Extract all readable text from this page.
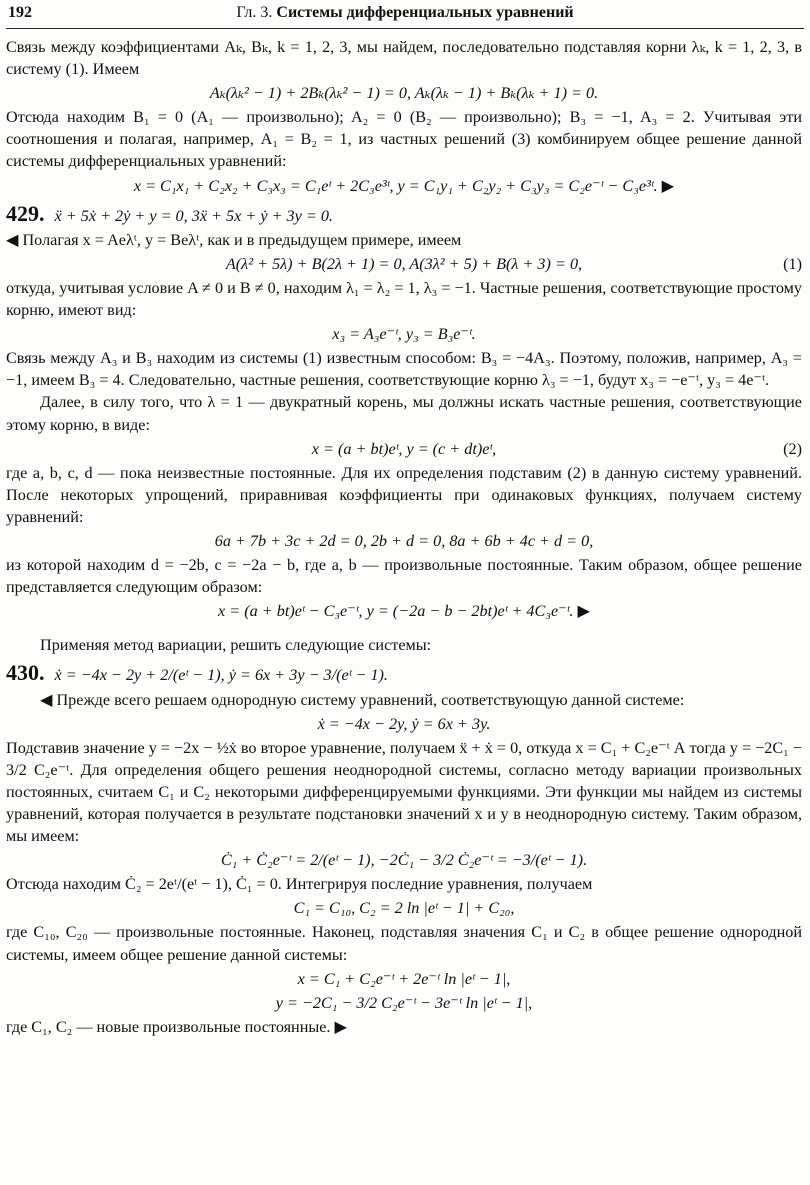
192	Гл. 3. Системы дифференциальных уравнений

Связь между коэффициентами Aₖ, Bₖ, k = 1, 2, 3, мы найдем, последовательно подставляя корни λₖ, k = 1, 2, 3, в систему (1). Имеем

Aₖ(λₖ² − 1) + 2Bₖ(λₖ² − 1) = 0, Aₖ(λₖ − 1) + Bₖ(λₖ + 1) = 0.

Отсюда находим B₁ = 0 (A₁ — произвольно); A₂ = 0 (B₂ — произвольно); B₃ = −1, A₃ = 2. Учитывая эти соотношения и полагая, например, A₁ = B₂ = 1, из частных решений (3) комбинируем общее решение данной системы дифференциальных уравнений:

x = C₁x₁ + C₂x₂ + C₃x₃ = C₁eᵗ + 2C₃e³ᵗ, y = C₁y₁ + C₂y₂ + C₃y₃ = C₂e⁻ᵗ − C₃e³ᵗ. ▶
429. ẍ + 5ẋ + 2ẏ + y = 0, 3ẍ + 5x + ẏ + 3y = 0.

◀ Полагая x = Aeλᵗ, y = Beλᵗ, как и в предыдущем примере, имеем

A(λ² + 5λ) + B(2λ + 1) = 0, A(3λ² + 5) + B(λ + 3) = 0,	(1)

откуда, учитывая условие A ≠ 0 и B ≠ 0, находим λ₁ = λ₂ = 1, λ₃ = −1. Частные решения, соответствующие простому корню, имеют вид:

x₃ = A₃e⁻ᵗ, y₃ = B₃e⁻ᵗ.

Связь между A₃ и B₃ находим из системы (1) известным способом: B₃ = −4A₃. Поэтому, положив, например, A₃ = −1, имеем B₃ = 4. Следовательно, частные решения, соответствующие корню λ₃ = −1, будут x₃ = −e⁻ᵗ, y₃ = 4e⁻ᵗ.

Далее, в силу того, что λ = 1 — двукратный корень, мы должны искать частные решения, соответствующие этому корню, в виде:

x = (a + bt)eᵗ, y = (c + dt)eᵗ,	(2)

где a, b, c, d — пока неизвестные постоянные. Для их определения подставим (2) в данную систему уравнений. После некоторых упрощений, приравнивая коэффициенты при одинаковых функциях, получаем систему уравнений:

6a + 7b + 3c + 2d = 0, 2b + d = 0, 8a + 6b + 4c + d = 0,

из которой находим d = −2b, c = −2a − b, где a, b — произвольные постоянные. Таким образом, общее решение представляется следующим образом:

x = (a + bt)eᵗ − C₃e⁻ᵗ, y = (−2a − b − 2bt)eᵗ + 4C₃e⁻ᵗ. ▶

Применяя метод вариации, решить следующие системы:

430. ẋ = −4x − 2y + 2/(eᵗ − 1), ẏ = 6x + 3y − 3/(eᵗ − 1).

◀ Прежде всего решаем однородную систему уравнений, соответствующую данной системе:

ẋ = −4x − 2y, ẏ = 6x + 3y.

Подставив значение y = −2x − ½ẋ во второе уравнение, получаем ẍ + ẋ = 0, откуда x = C₁ + C₂e⁻ᵗ А тогда y = −2C₁ − 3/2 C₂e⁻ᵗ. Для определения общего решения неоднородной системы, согласно методу вариации произвольных постоянных, считаем C₁ и C₂ некоторыми дифференцируемыми функциями. Эти функции мы найдем из системы уравнений, которая получается в результате подстановки значений x и y в неоднородную систему. Таким образом, мы имеем:

Ċ₁ + Ċ₂e⁻ᵗ = 2/(eᵗ − 1), −2Ċ₁ − 3/2 Ċ₂e⁻ᵗ = −3/(eᵗ − 1).

Отсюда находим Ċ₂ = 2eᵗ/(eᵗ − 1), Ċ₁ = 0. Интегрируя последние уравнения, получаем

C₁ = C₁₀, C₂ = 2 ln |eᵗ − 1| + C₂₀,

где C₁₀, C₂₀ — произвольные постоянные. Наконец, подставляя значения C₁ и C₂ в общее решение однородной системы, имеем общее решение данной системы:

x = C₁ + C₂e⁻ᵗ + 2e⁻ᵗ ln |eᵗ − 1|,
y = −2C₁ − 3/2 C₂e⁻ᵗ − 3e⁻ᵗ ln |eᵗ − 1|,

где C₁, C₂ — новые произвольные постоянные. ▶
